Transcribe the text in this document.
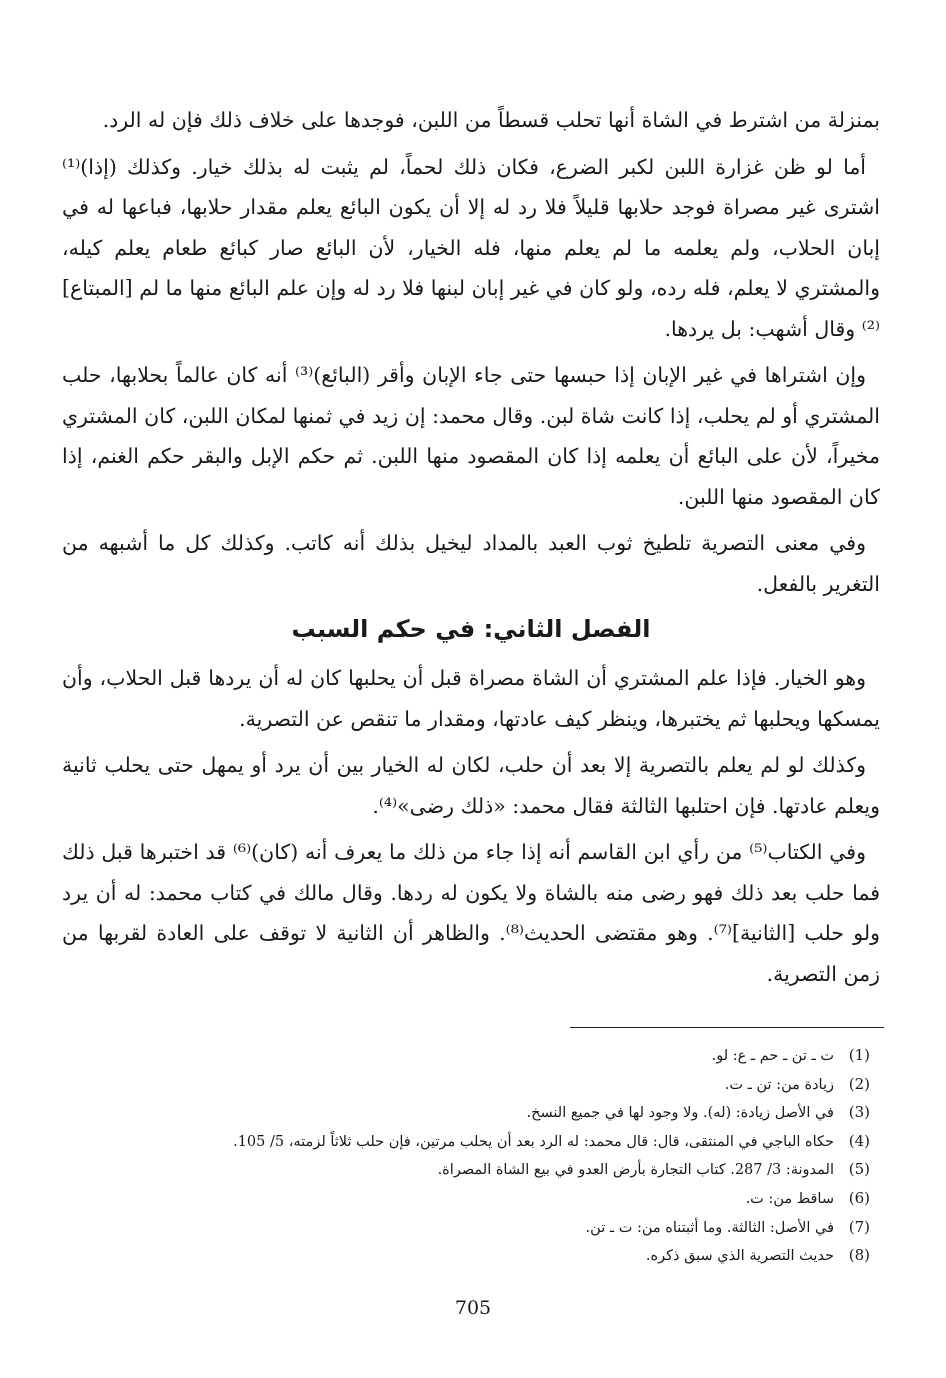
بمنزلة من اشترط في الشاة أنها تحلب قسطاً من اللبن، فوجدها على خلاف ذلك فإن له الرد.

أما لو ظن غزارة اللبن لكبر الضرع، فكان ذلك لحماً، لم يثبت له بذلك خيار. وكذلك (إذا)⁽¹⁾ اشترى غير مصراة فوجد حلابها قليلاً فلا رد له إلا أن يكون البائع يعلم مقدار حلابها، فباعها له في إبان الحلاب، ولم يعلمه ما لم يعلم منها، فله الخيار، لأن البائع صار كبائع طعام يعلم كيله، والمشتري لا يعلم، فله رده، ولو كان في غير إبان لبنها فلا رد له وإن علم البائع منها ما لم [المبتاع]⁽²⁾ وقال أشهب: بل يردها.

وإن اشتراها في غير الإبان إذا حبسها حتى جاء الإبان وأقر (البائع)⁽³⁾ أنه كان عالماً بحلابها، حلب المشتري أو لم يحلب، إذا كانت شاة لبن. وقال محمد: إن زيد في ثمنها لمكان اللبن، كان المشتري مخيراً، لأن على البائع أن يعلمه إذا كان المقصود منها اللبن. ثم حكم الإبل والبقر حكم الغنم، إذا كان المقصود منها اللبن.

وفي معنى التصرية تلطيخ ثوب العبد بالمداد ليخيل بذلك أنه كاتب. وكذلك كل ما أشبهه من التغرير بالفعل.

الفصل الثاني: في حكم السبب

وهو الخيار. فإذا علم المشتري أن الشاة مصراة قبل أن يحلبها كان له أن يردها قبل الحلاب، وأن يمسكها ويحلبها ثم يختبرها، وينظر كيف عادتها، ومقدار ما تنقص عن التصرية.

وكذلك لو لم يعلم بالتصرية إلا بعد أن حلب، لكان له الخيار بين أن يرد أو يمهل حتى يحلب ثانية ويعلم عادتها. فإن احتلبها الثالثة فقال محمد: «ذلك رضى»⁽⁴⁾.

وفي الكتاب⁽⁵⁾ من رأي ابن القاسم أنه إذا جاء من ذلك ما يعرف أنه (كان)⁽⁶⁾ قد اختبرها قبل ذلك فما حلب بعد ذلك فهو رضى منه بالشاة ولا يكون له ردها. وقال مالك في كتاب محمد: له أن يرد ولو حلب [الثانية]⁽⁷⁾. وهو مقتضى الحديث⁽⁸⁾. والظاهر أن الثانية لا توقف على العادة لقربها من زمن التصرية.

(1)ت ـ تن ـ حم ـ ع: لو.
(2)زيادة من: تن ـ ت.
(3)في الأصل زيادة: (له). ولا وجود لها في جميع النسخ.
(4)حكاه الباجي في المنتقى، قال: قال محمد: له الرد بعد أن يحلب مرتين، فإن حلب ثلاثاً لزمته، 5/ 105.
(5)المدونة: 3/ 287. كتاب التجارة بأرض العدو في بيع الشاة المصراة.
(6)ساقط من: ت.
(7)في الأصل: الثالثة. وما أثبتناه من: ت ـ تن.
(8)حديث التصرية الذي سبق ذكره.
705
